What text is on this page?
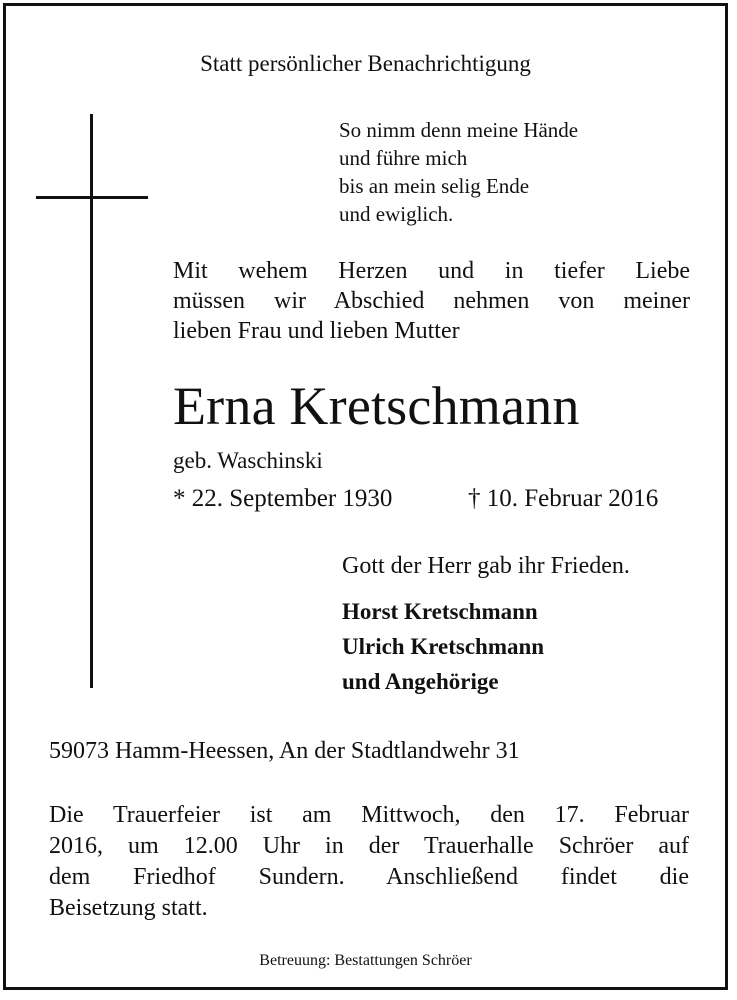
Statt persönlicher Benachrichtigung
So nimm denn meine Hände
und führe mich
bis an mein selig Ende
und ewiglich.
Mit wehem Herzen und in tiefer Liebe
müssen wir Abschied nehmen von meiner
lieben Frau und lieben Mutter
Erna Kretschmann
geb. Waschinski
* 22. September 1930	† 10. Februar 2016
Gott der Herr gab ihr Frieden.
Horst Kretschmann
Ulrich Kretschmann
und Angehörige
59073 Hamm-Heessen, An der Stadtlandwehr 31
Die Trauerfeier ist am Mittwoch, den 17. Februar
2016, um 12.00 Uhr in der Trauerhalle Schröer auf
dem Friedhof Sundern. Anschließend findet die
Beisetzung statt.
Betreuung: Bestattungen Schröer
